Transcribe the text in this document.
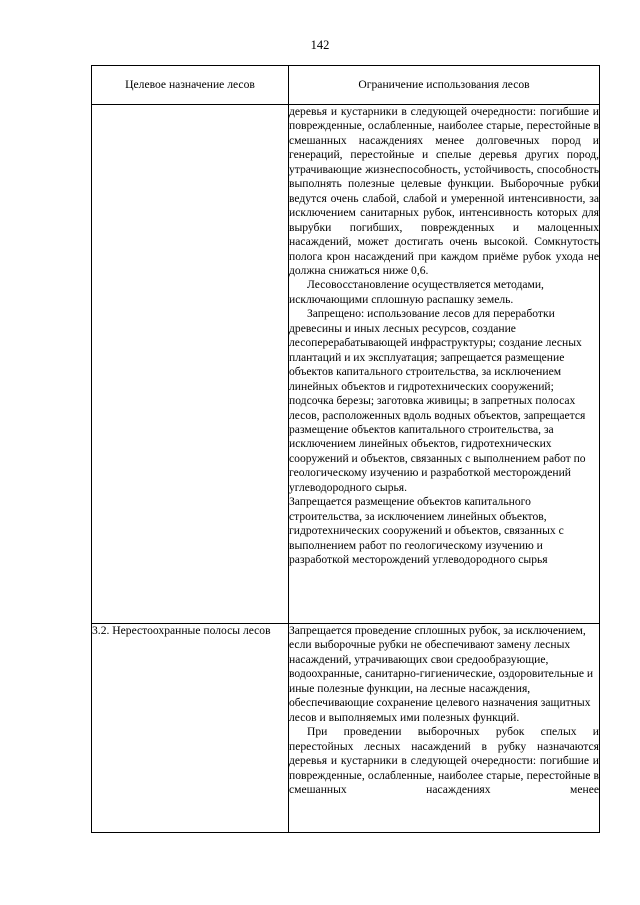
142
Целевое назначение лесов	Ограничение использования лесов

	деревья и кустарники в следующей очередности: погибшие и поврежденные, ослабленные, наиболее старые, перестойные в смешанных насаждениях менее долговечных пород и генераций, перестойные и спелые деревья других пород, утрачивающие жизнеспособность, устойчивость, способность выполнять полезные целевые функции. Выборочные рубки ведутся очень слабой, слабой и умеренной интенсивности, за исключением санитарных рубок, интенсивность которых для вырубки погибших, поврежденных и малоценных насаждений, может достигать очень высокой. Сомкнутость полога крон насаждений при каждом приёме рубок ухода не должна снижаться ниже 0,6.

Лесовосстановление осуществляется методами, исключающими сплошную распашку земель.

Запрещено: использование лесов для переработки древесины и иных лесных ресурсов, создание лесоперерабатывающей инфраструктуры; создание лесных плантаций и их эксплуатация; запрещается размещение объектов капитального строительства, за исключением линейных объектов и гидротехнических сооружений; подсочка березы; заготовка живицы; в запретных полосах лесов, расположенных вдоль водных объектов, запрещается размещение объектов капитального строительства, за исключением линейных объектов, гидротехнических сооружений и объектов, связанных с выполнением работ по геологическому изучению и разработкой месторождений углеводородного сырья.

Запрещается размещение объектов капитального строительства, за исключением линейных объектов, гидротехнических сооружений и объектов, связанных с выполнением работ по геологическому изучению и разработкой месторождений углеводородного сырья

3.2. Нерестоохранные полосы лесов	Запрещается проведение сплошных рубок, за исключением, если выборочные рубки не обеспечивают замену лесных насаждений, утрачивающих свои средообразующие, водоохранные, санитарно-гигиенические, оздоровительные и иные полезные функции, на лесные насаждения, обеспечивающие сохранение целевого назначения защитных лесов и выполняемых ими полезных функций.

При проведении выборочных рубок спелых и перестойных лесных насаждений в рубку назначаются деревья и кустарники в следующей очередности: погибшие и поврежденные, ослабленные, наиболее старые, перестойные в смешанных насаждениях менее
